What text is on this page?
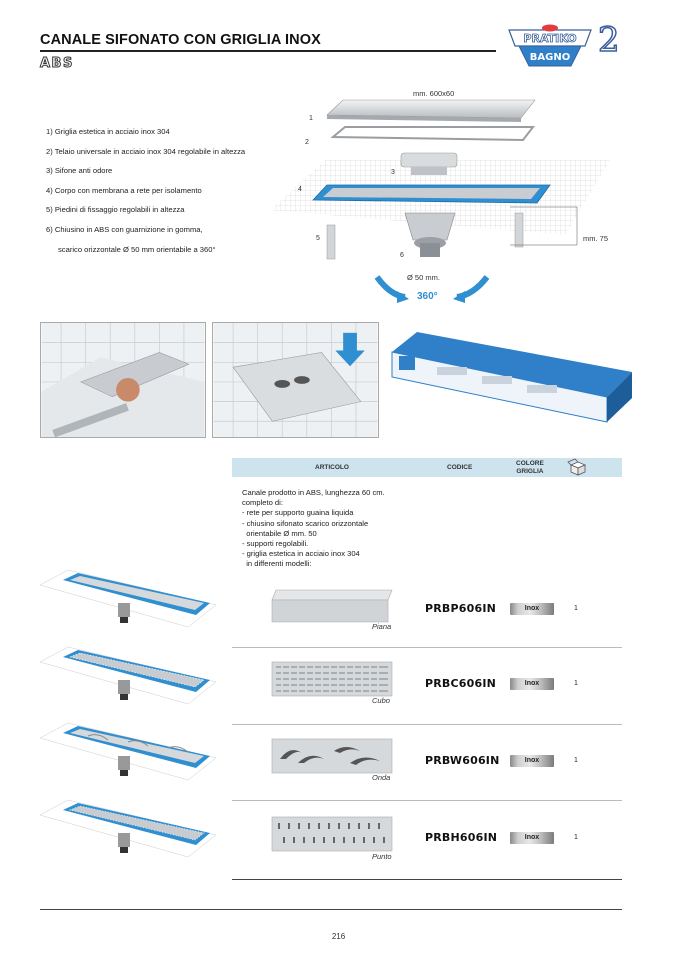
CANALE SIFONATO CON GRIGLIA INOX
ABS
PRATIKO
BAGNO 2
1) Griglia estetica in acciaio inox 304
2) Telaio universale in acciaio inox 304 regolabile in altezza
3) Sifone anti odore
4) Corpo con membrana a rete per isolamento
5) Piedini di fissaggio regolabili in altezza
6) Chiusino in ABS con guarnizione in gomma,
scarico orizzontale Ø 50 mm orientabile a 360°
mm. 600x60
mm. 75
Ø 50 mm.
360°
1
2
3
4
5
6
ARTICOLO	CODICE
COLORE
GRIGLIA
Canale prodotto in ABS, lunghezza 60 cm.
completo di:
- rete per supporto guaina liquida
- chiusino sifonato scarico orizzontale
orientabile Ø mm. 50
- supporti regolabili.
- griglia estetica in acciaio inox 304
in differenti modelli:
Piana
PRBP606IN	Inox	1
Cubo
PRBC606IN	Inox	1
Onda
PRBW606IN	Inox	1
Punto
PRBH606IN	Inox	1
216
